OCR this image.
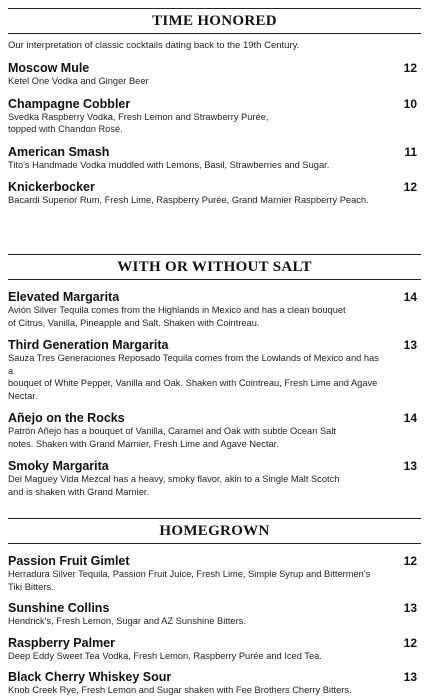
TIME HONORED
Our interpretation of classic cocktails dating back to the 19th Century.
Moscow Mule	12
Ketel One Vodka and Ginger Beer
Champagne Cobbler	10
Svedka Raspberry Vodka, Fresh Lemon and Strawberry Purée,
topped with Chandon Rosé.
American Smash	11
Tito's Handmade Vodka muddled with Lemons, Basil, Strawberries and Sugar.
Knickerbocker	12
Bacardi Superior Rum, Fresh Lime, Raspberry Purée, Grand Marnier Raspberry Peach.
WITH OR WITHOUT SALT
Elevated Margarita	14
Avión Silver Tequila comes from the Highlands in Mexico and has a clean bouquet
of Citrus, Vanilla, Pineapple and Salt. Shaken with Cointreau.
Third Generation Margarita	13
Sauza Tres Generaciones Reposado Tequila comes from the Lowlands of Mexico and has a
bouquet of White Pepper, Vanilla and Oak. Shaken with Cointreau, Fresh Lime and Agave Nectar.
Añejo on the Rocks	14
Patrón Añejo has a bouquet of Vanilla, Caramel and Oak with subtle Ocean Salt
notes. Shaken with Grand Marnier, Fresh Lime and Agave Nectar.
Smoky Margarita	13
Del Maguey Vida Mezcal has a heavy, smoky flavor, akin to a Single Malt Scotch
and is shaken with Grand Marnier.
HOMEGROWN
Passion Fruit Gimlet	12
Herradura Silver Tequila, Passion Fruit Juice, Fresh Lime, Simple Syrup and Bittermen's Tiki Bitters.
Sunshine Collins	13
Hendrick's, Fresh Lemon, Sugar and AZ Sunshine Bitters.
Raspberry Palmer	12
Deep Eddy Sweet Tea Vodka, Fresh Lemon, Raspberry Purée and Iced Tea.
Black Cherry Whiskey Sour	13
Knob Creek Rye, Fresh Lemon and Sugar shaken with Fee Brothers Cherry Bitters.
